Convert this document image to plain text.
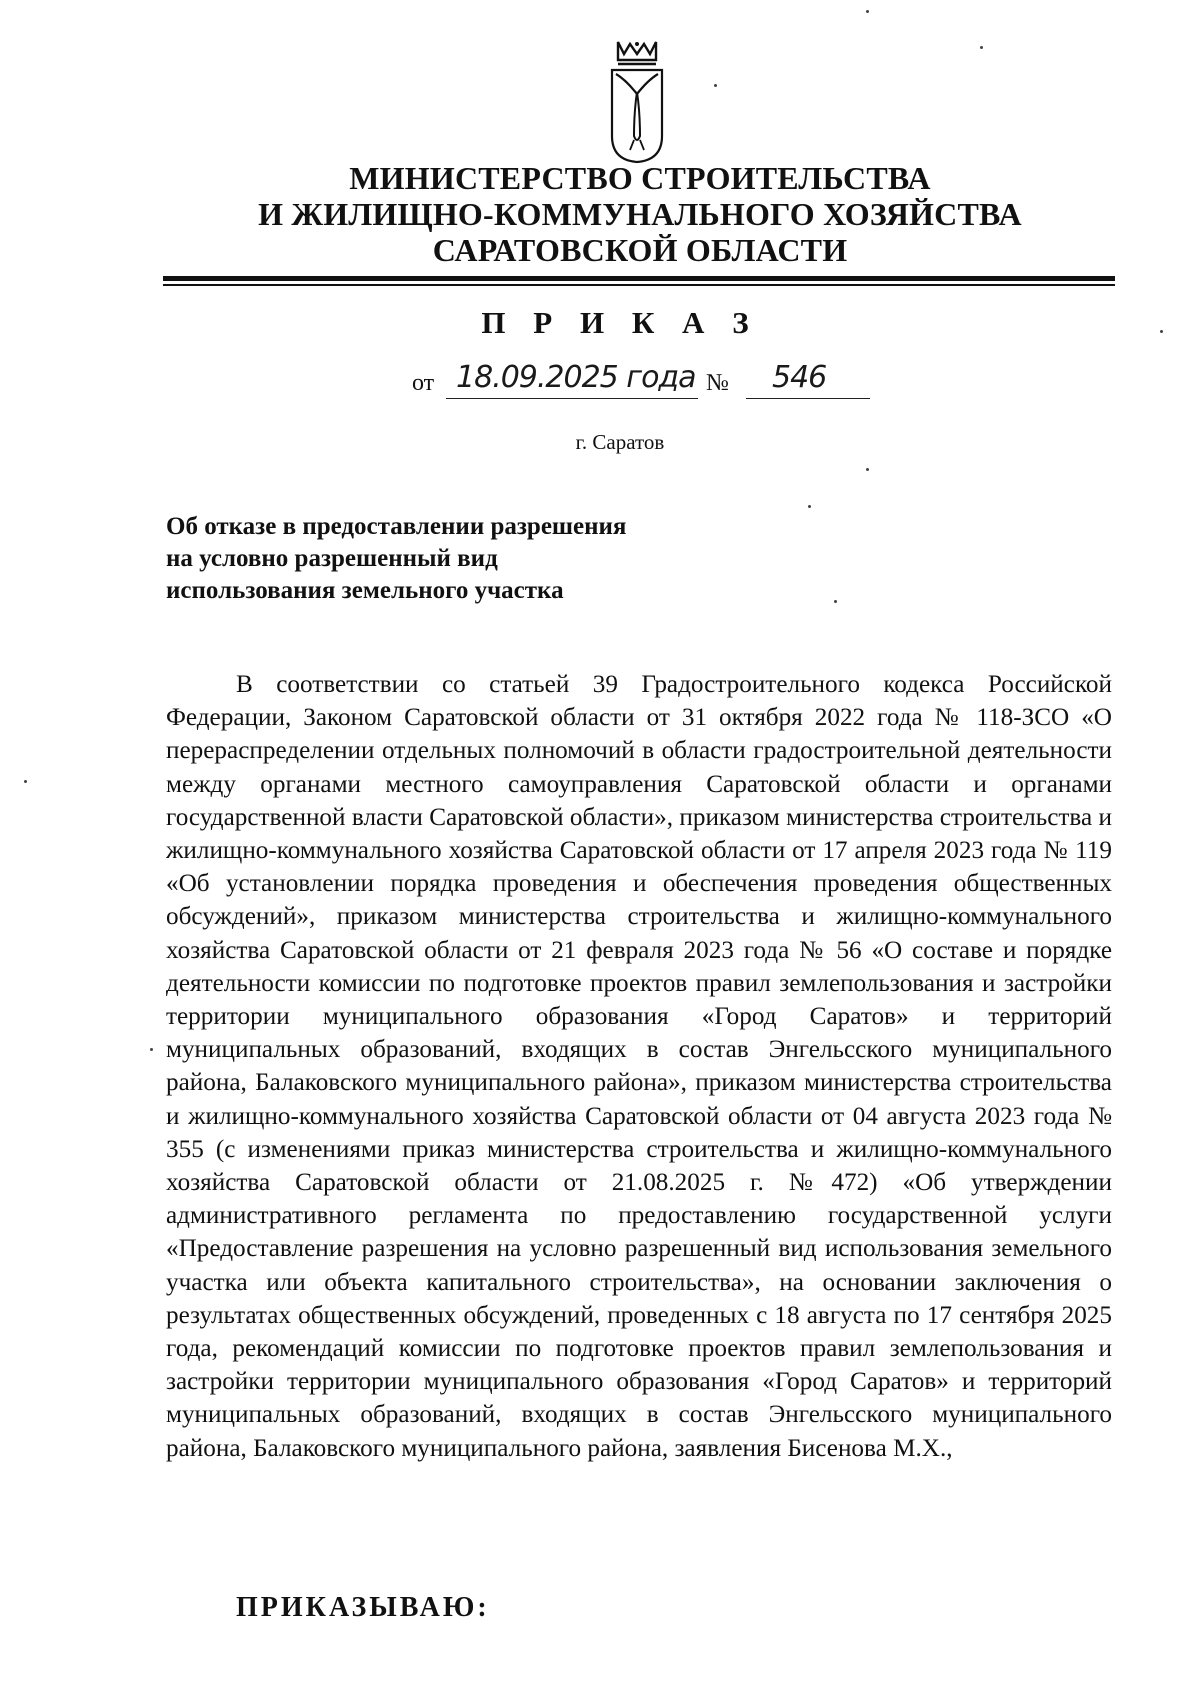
МИНИСТЕРСТВО СТРОИТЕЛЬСТВА
И ЖИЛИЩНО-КОММУНАЛЬНОГО ХОЗЯЙСТВА
САРАТОВСКОЙ ОБЛАСТИ
П Р И К А З
от 18.09.2025 года № 546
г. Саратов
Об отказе в предоставлении разрешения
на условно разрешенный вид
использования земельного участка

В соответствии со статьей 39 Градостроительного кодекса Российской Федерации, Законом Саратовской области от 31 октября 2022 года № 118-ЗСО «О перераспределении отдельных полномочий в области градостроительной деятельности между органами местного самоуправления Саратовской области и органами государственной власти Саратовской области», приказом министерства строительства и жилищно-коммунального хозяйства Саратовской области от 17 апреля 2023 года № 119 «Об установлении порядка проведения и обеспечения проведения общественных обсуждений», приказом министерства строительства и жилищно-коммунального хозяйства Саратовской области от 21 февраля 2023 года № 56 «О составе и порядке деятельности комиссии по подготовке проектов правил землепользования и застройки территории муниципального образования «Город Саратов» и территорий муниципальных образований, входящих в состав Энгельсского муниципального района, Балаковского муниципального района», приказом министерства строительства и жилищно-коммунального хозяйства Саратовской области от 04 августа 2023 года № 355 (с изменениями приказ министерства строительства и жилищно-коммунального хозяйства Саратовской области от 21.08.2025 г. №472) «Об утверждении административного регламента по предоставлению государственной услуги «Предоставление разрешения на условно разрешенный вид использования земельного участка или объекта капитального строительства», на основании заключения о результатах общественных обсуждений, проведенных с 18 августа по 17 сентября 2025 года, рекомендаций комиссии по подготовке проектов правил землепользования и застройки территории муниципального образования «Город Саратов» и территорий муниципальных образований, входящих в состав Энгельсского муниципального района, Балаковского муниципального района, заявления Бисенова М.Х.,

ПРИКАЗЫВАЮ:
